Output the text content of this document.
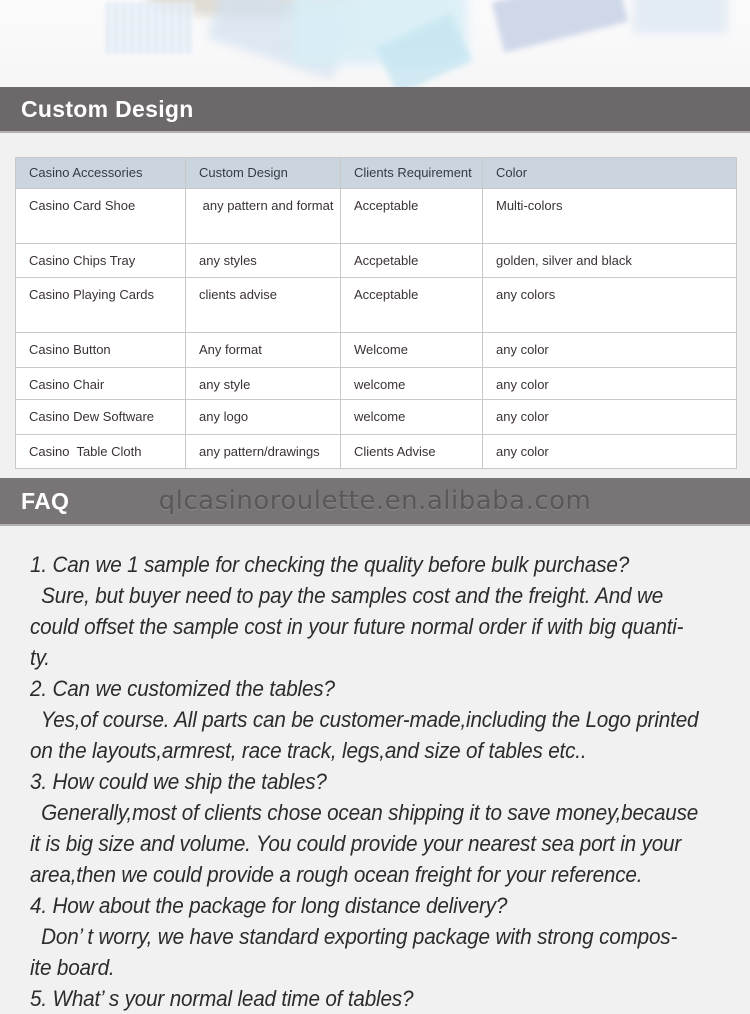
Custom Design
Casino Accessories	Custom Design	Clients Requirement	Color
Casino Card Shoe	any pattern and format	Acceptable	Multi-colors
Casino Chips Tray	any styles	Accpetable	golden, silver and black
Casino Playing Cards	clients advise	Acceptable	any colors
Casino Button	Any format	Welcome	any color
Casino Chair	any style	welcome	any color
Casino Dew Software	any logo	welcome	any color
Casino  Table Cloth	any pattern/drawings	Clients Advise	any color
FAQ	qlcasinoroulette.en.alibaba.com
1. Can we 1 sample for checking the quality before bulk purchase?
Sure, but buyer need to pay the samples cost and the freight. And we
could offset the sample cost in your future normal order if with big quanti-
ty.
2. Can we customized the tables?
Yes,of course. All parts can be customer-made,including the Logo printed
on the layouts,armrest, race track, legs,and size of tables etc..
3. How could we ship the tables?
Generally,most of clients chose ocean shipping it to save money,because
it is big size and volume. You could provide your nearest sea port in your
area,then we could provide a rough ocean freight for your reference.
4. How about the package for long distance delivery?
Don’ t worry, we have standard exporting package with strong compos-
ite board.
5. What’ s your normal lead time of tables?
